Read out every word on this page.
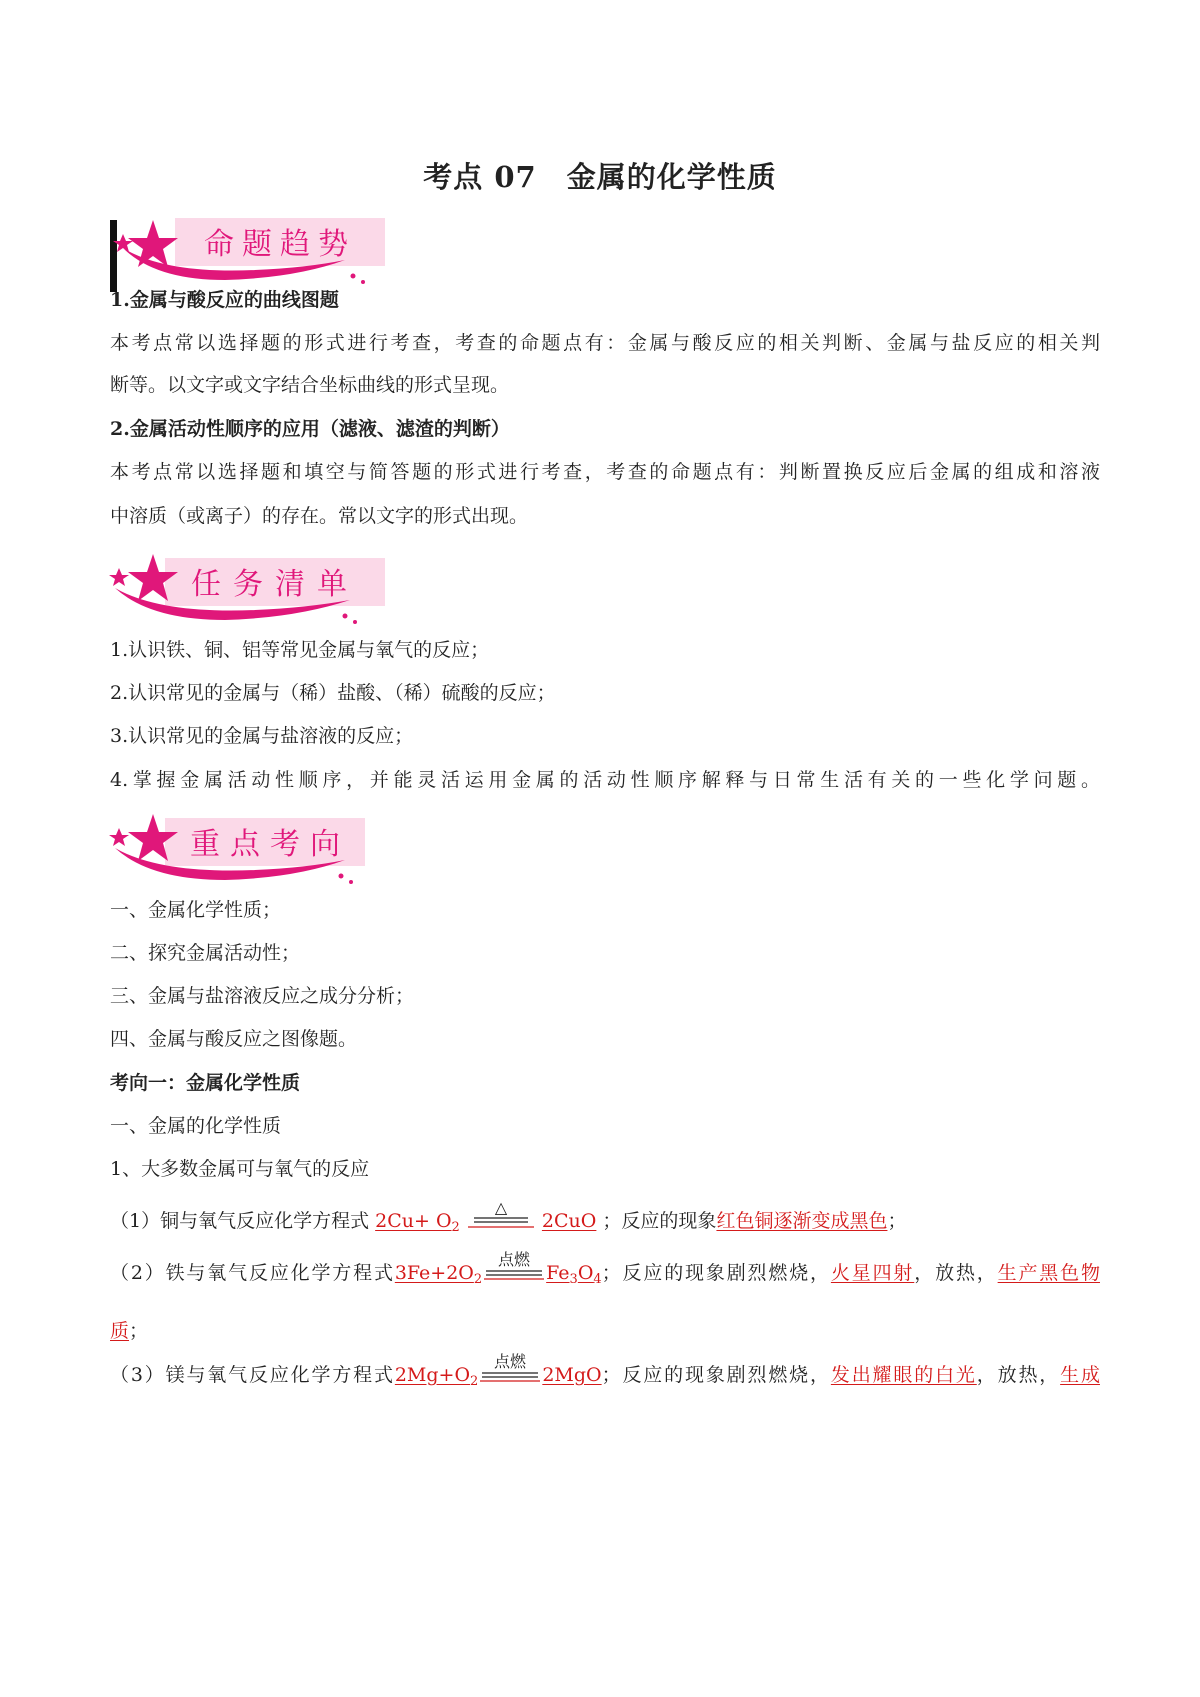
考点 07 金属的化学性质
命题趋势
1.金属与酸反应的曲线图题
本考点常以选择题的形式进行考查，考查的命题点有：金属与酸反应的相关判断、金属与盐反应的相关判
断等。以文字或文字结合坐标曲线的形式呈现。
2.金属活动性顺序的应用（滤液、滤渣的判断）
本考点常以选择题和填空与简答题的形式进行考查，考查的命题点有：判断置换反应后金属的组成和溶液
中溶质（或离子）的存在。常以文字的形式出现。
任务清单
1.认识铁、铜、铝等常见金属与氧气的反应；
2.认识常见的金属与（稀）盐酸、（稀）硫酸的反应；
3.认识常见的金属与盐溶液的反应；
4.掌握金属活动性顺序，并能灵活运用金属的活动性顺序解释与日常生活有关的一些化学问题。
重点考向
一、金属化学性质；
二、探究金属活动性；
三、金属与盐溶液反应之成分分析；
四、金属与酸反应之图像题。
考向一：金属化学性质
一、金属的化学性质
1、大多数金属可与氧气的反应
（1）铜与氧气反应化学方程式 $2Cu+ O_2$
△
2CuO ；反应的现象红色铜逐渐变成黑色；
（2）铁与氧气反应化学方程式$3Fe+2O_2$
点燃
$Fe_3O_4$；反应的现象剧烈燃烧，火星四射，放热，生产黑色物
质；
（3）镁与氧气反应化学方程式$2Mg+O_2$
点燃
2MgO；反应的现象剧烈燃烧，发出耀眼的白光，放热，生成
